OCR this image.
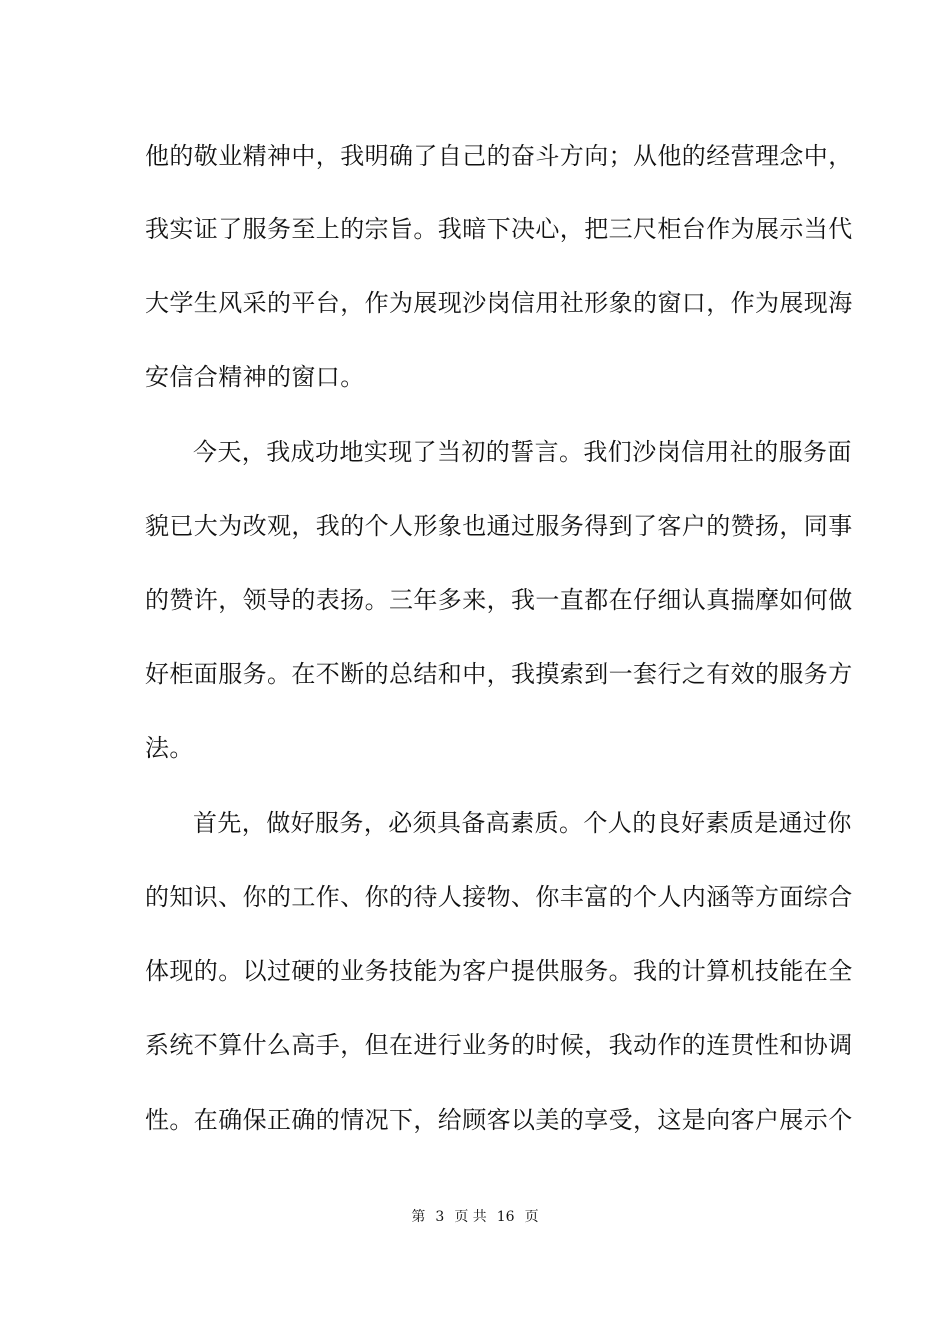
他的敬业精神中，我明确了自己的奋斗方向；从他的经营理念中，
我实证了服务至上的宗旨。我暗下决心，把三尺柜台作为展示当代
大学生风采的平台，作为展现沙岗信用社形象的窗口，作为展现海
安信合精神的窗口。
今天，我成功地实现了当初的誓言。我们沙岗信用社的服务面
貌已大为改观，我的个人形象也通过服务得到了客户的赞扬，同事
的赞许，领导的表扬。三年多来，我一直都在仔细认真揣摩如何做
好柜面服务。在不断的总结和中，我摸索到一套行之有效的服务方
法。
首先，做好服务，必须具备高素质。个人的良好素质是通过你
的知识、你的工作、你的待人接物、你丰富的个人内涵等方面综合
体现的。以过硬的业务技能为客户提供服务。我的计算机技能在全
系统不算什么高手，但在进行业务的时候，我动作的连贯性和协调
性。在确保正确的情况下，给顾客以美的享受，这是向客户展示个
第 3 页 共 16 页
